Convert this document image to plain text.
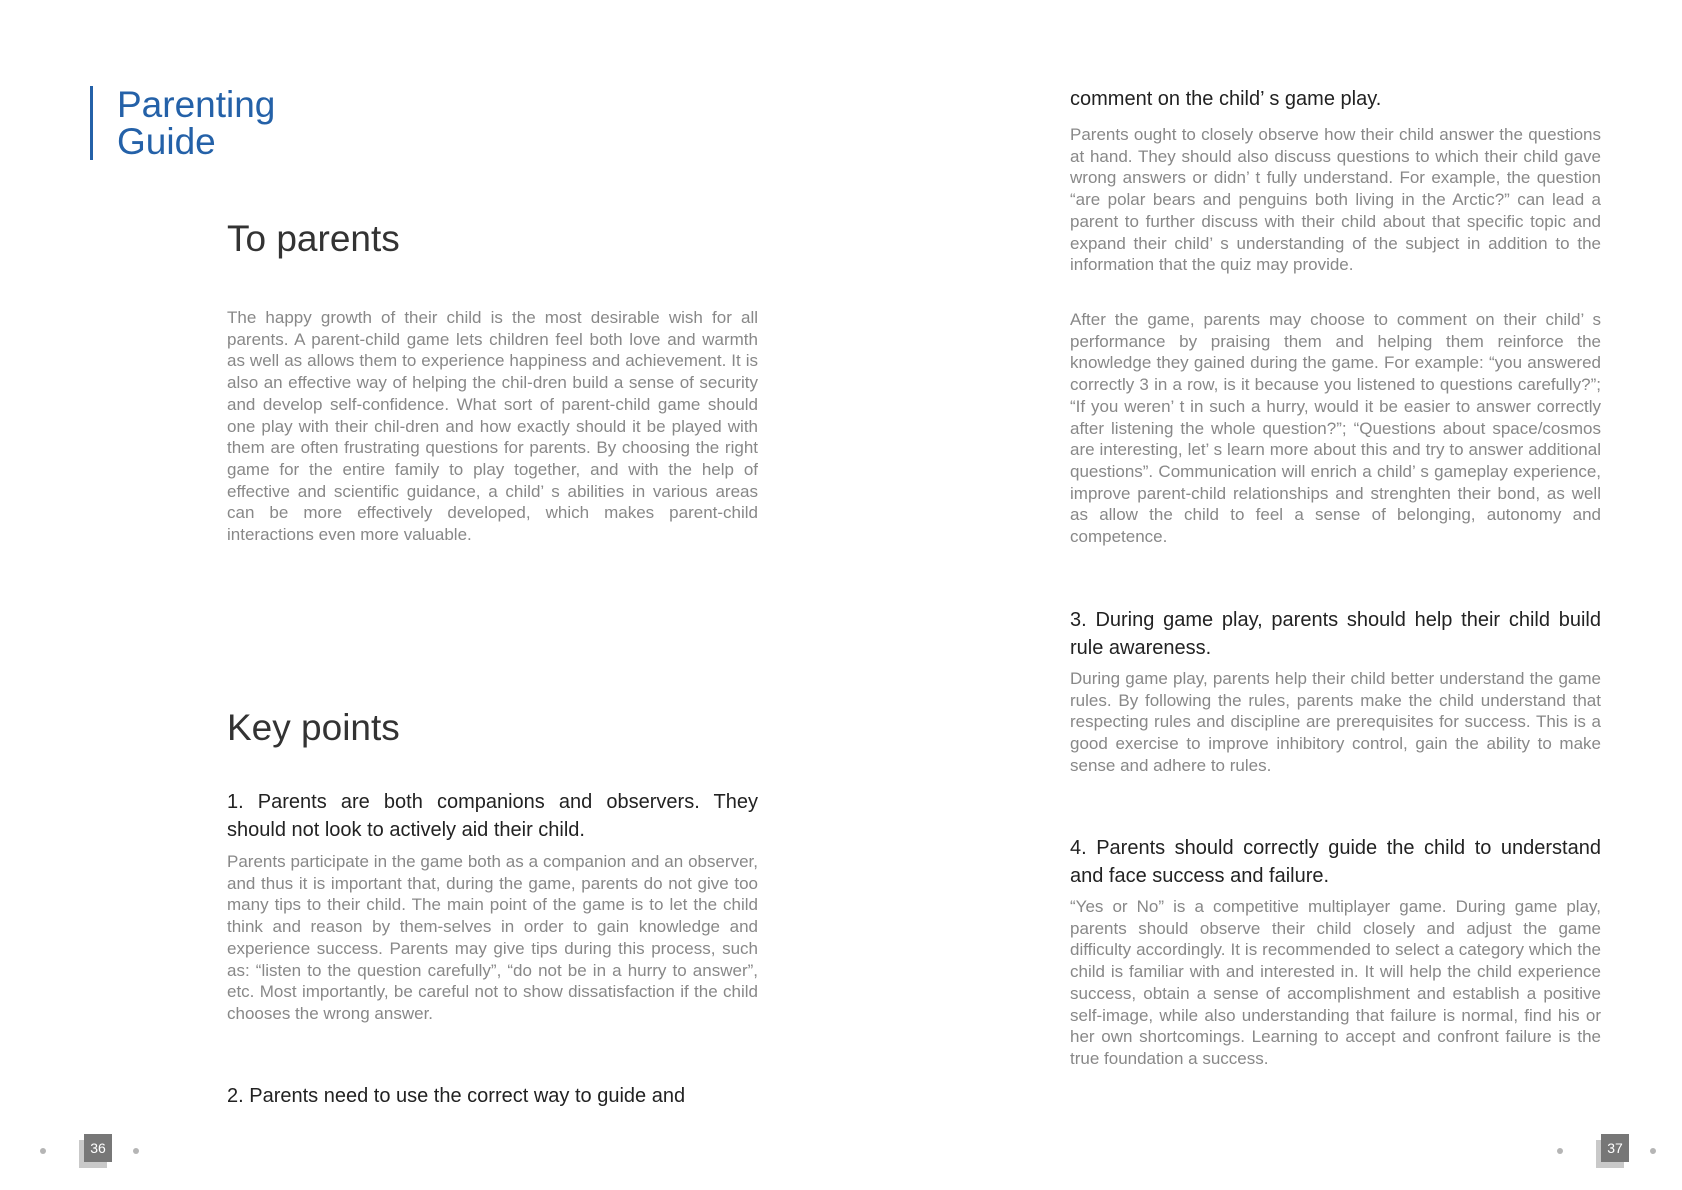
Parenting
Guide
To parents

The happy growth of their child is the most desirable wish for all parents. A parent-child game lets children feel both love and warmth as well as allows them to experience happiness and achievement. It is also an effective way of helping the chil-dren build a sense of security and develop self-confidence. What sort of parent-child game should one play with their chil-dren and how exactly should it be played with them are often frustrating questions for parents. By choosing the right game for the entire family to play together, and with the help of effective and scientific guidance, a child’ s abilities in various areas can be more effectively developed, which makes parent-child interactions even more valuable.

Key points

1. Parents are both companions and observers. They should not look to actively aid their child.

Parents participate in the game both as a companion and an observer, and thus it is important that, during the game, parents do not give too many tips to their child. The main point of the game is to let the child think and reason by them-selves in order to gain knowledge and experience success. Parents may give tips during this process, such as: “listen to the question carefully”, “do not be in a hurry to answer”, etc. Most importantly, be careful not to show dissatisfaction if the child chooses the wrong answer.

2. Parents need to use the correct way to guide and

36

comment on the child’ s game play.

Parents ought to closely observe how their child answer the questions at hand. They should also discuss questions to which their child gave wrong answers or didn’ t fully understand. For example, the question “are polar bears and penguins both living in the Arctic?” can lead a parent to further discuss with their child about that specific topic and expand their child’ s understanding of the subject in addition to the information that the quiz may provide.

After the game, parents may choose to comment on their child’ s performance by praising them and helping them reinforce the knowledge they gained during the game. For example: “you answered correctly 3 in a row, is it because you listened to questions carefully?”; “If you weren’ t in such a hurry, would it be easier to answer correctly after listening the whole question?”; “Questions about space/cosmos are interesting, let’ s learn more about this and try to answer additional questions”. Communication will enrich a child’ s gameplay experience, improve parent-child relationships and strenghten their bond, as well as allow the child to feel a sense of belonging, autonomy and competence.

3. During game play, parents should help their child build rule awareness.

During game play, parents help their child better understand the game rules. By following the rules, parents make the child understand that respecting rules and discipline are prerequisites for success. This is a good exercise to improve inhibitory control, gain the ability to make sense and adhere to rules.

4. Parents should correctly guide the child to understand and face success and failure.

“Yes or No” is a competitive multiplayer game. During game play, parents should observe their child closely and adjust the game difficulty accordingly. It is recommended to select a category which the child is familiar with and interested in. It will help the child experience success, obtain a sense of accomplishment and establish a positive self-image, while also understanding that failure is normal, find his or her own shortcomings. Learning to accept and confront failure is the true foundation a success.

37
